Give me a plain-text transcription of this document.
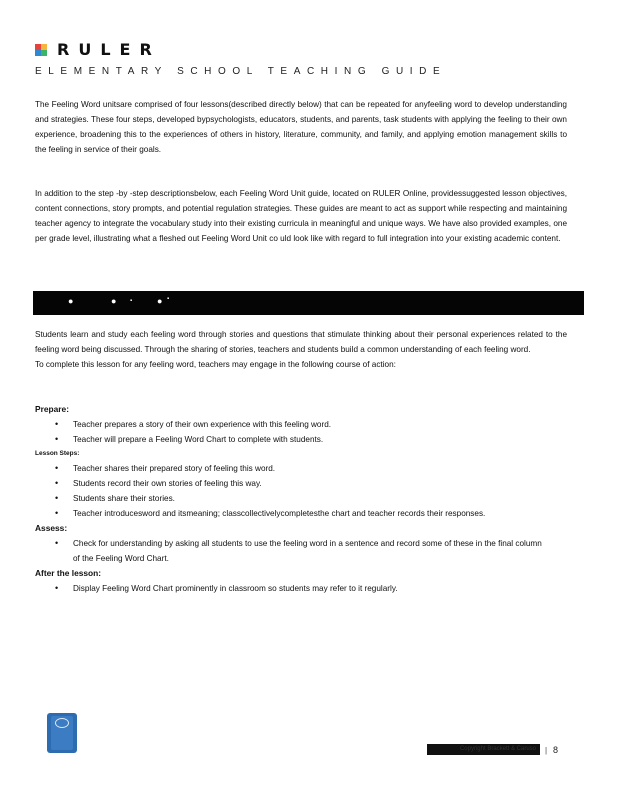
RULER
ELEMENTARY SCHOOL TEACHING GUIDE

The Feeling Word unitsare comprised of four lessons(described directly below) that can be repeated for anyfeeling word to develop understanding and strategies. These four steps, developed bypsychologists, educators, students, and parents, task students with applying the feeling to their own experience, broadening this to the experiences of others in history, literature, community, and family, and applying emotion management skills to the feeling in service of their goals.

In addition to the step -by -step descriptionsbelow, each Feeling Word Unit guide, located on RULER Online, providessuggested lesson objectives, content connections, story prompts, and potential regulation strategies. These guides are meant to act as support while respecting and maintaining teacher agency to integrate the vocabulary study into their existing curricula in meaningful and unique ways. We have also provided examples, one per grade level, illustrating what a fleshed out Feeling Word Unit co uld look like with regard to full integration into your existing academic content.

●	● ▪	● ▪
Students learn and study each feeling word through stories and questions that stimulate thinking about their personal experiences related to the feeling word being discussed. Through the sharing of stories, teachers and students build a common understanding of each feeling word.
To complete this lesson for any feeling word, teachers may engage in the following course of action:
Prepare:
• Teacher prepares a story of their own experience with this feeling word.
• Teacher will prepare a Feeling Word Chart to complete with students.
Lesson Steps:
• Teacher shares their prepared story of feeling this word.
• Students record their own stories of feeling this way.
• Students share their stories.
• Teacher introducesword and itsmeaning; classcollectivelycompletesthe chart and teacher records their responses.
Assess:
• Check for understanding by asking all students to use the feeling word in a sentence and record some of these in the final column of the Feeling Word Chart.
After the lesson:
• Display Feeling Word Chart prominently in classroom so students may refer to it regularly.
Copyright Brackett & Caruso	| 8
